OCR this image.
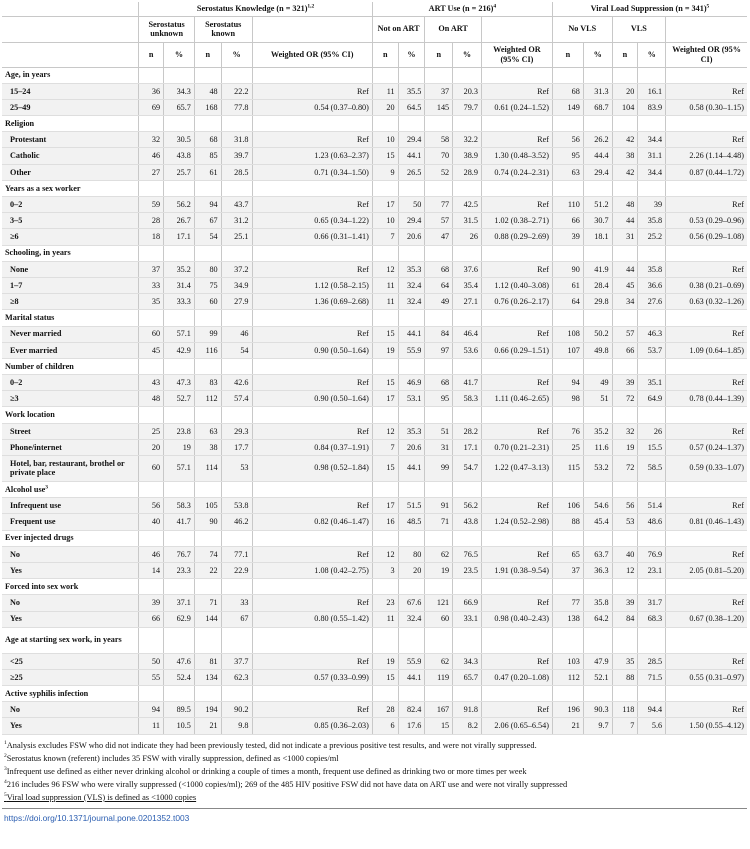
	Serostatus Knowledge (n = 321)$^{1,2}$					ART Use (n = 216)$^4$					Viral Load Suppression (n = 341)$^5$
	Serostatus unknown		Serostatus known			Not on ART		On ART			No VLS		VLS		
	n	%	n	%	Weighted OR (95% CI)	n	%	n	%	Weighted OR (95% CI)	n	%	n	%	Weighted OR (95% CI)
Age, in years															
15–24	36	34.3	48	22.2	Ref	11	35.5	37	20.3	Ref	68	31.3	20	16.1	Ref
25–49	69	65.7	168	77.8	0.54 (0.37–0.80)	20	64.5	145	79.7	0.61 (0.24–1.52)	149	68.7	104	83.9	0.58 (0.30–1.15)
Religion															
Protestant	32	30.5	68	31.8	Ref	10	29.4	58	32.2	Ref	56	26.2	42	34.4	Ref
Catholic	46	43.8	85	39.7	1.23 (0.63–2.37)	15	44.1	70	38.9	1.30 (0.48–3.52)	95	44.4	38	31.1	2.26 (1.14–4.48)
Other	27	25.7	61	28.5	0.71 (0.34–1.50)	9	26.5	52	28.9	0.74 (0.24–2.31)	63	29.4	42	34.4	0.87 (0.44–1.72)
Years as a sex worker															
0–2	59	56.2	94	43.7	Ref	17	50	77	42.5	Ref	110	51.2	48	39	Ref
3–5	28	26.7	67	31.2	0.65 (0.34–1.22)	10	29.4	57	31.5	1.02 (0.38–2.71)	66	30.7	44	35.8	0.53 (0.29–0.96)
≥6	18	17.1	54	25.1	0.66 (0.31–1.41)	7	20.6	47	26	0.88 (0.29–2.69)	39	18.1	31	25.2	0.56 (0.29–1.08)
Schooling, in years															
None	37	35.2	80	37.2	Ref	12	35.3	68	37.6	Ref	90	41.9	44	35.8	Ref
1–7	33	31.4	75	34.9	1.12 (0.58–2.15)	11	32.4	64	35.4	1.12 (0.40–3.08)	61	28.4	45	36.6	0.38 (0.21–0.69)
≥8	35	33.3	60	27.9	1.36 (0.69–2.68)	11	32.4	49	27.1	0.76 (0.26–2.17)	64	29.8	34	27.6	0.63 (0.32–1.26)
Marital status															
Never married	60	57.1	99	46	Ref	15	44.1	84	46.4	Ref	108	50.2	57	46.3	Ref
Ever married	45	42.9	116	54	0.90 (0.50–1.64)	19	55.9	97	53.6	0.66 (0.29–1.51)	107	49.8	66	53.7	1.09 (0.64–1.85)
Number of children															
0–2	43	47.3	83	42.6	Ref	15	46.9	68	41.7	Ref	94	49	39	35.1	Ref
≥3	48	52.7	112	57.4	0.90 (0.50–1.64)	17	53.1	95	58.3	1.11 (0.46–2.65)	98	51	72	64.9	0.78 (0.44–1.39)
Work location															
Street	25	23.8	63	29.3	Ref	12	35.3	51	28.2	Ref	76	35.2	32	26	Ref
Phone/internet	20	19	38	17.7	0.84 (0.37–1.91)	7	20.6	31	17.1	0.70 (0.21–2.31)	25	11.6	19	15.5	0.57 (0.24–1.37)
Hotel, bar, restaurant, brothel or private place	60	57.1	114	53	0.98 (0.52–1.84)	15	44.1	99	54.7	1.22 (0.47–3.13)	115	53.2	72	58.5	0.59 (0.33–1.07)
Alcohol use$^3$															
Infrequent use	56	58.3	105	53.8	Ref	17	51.5	91	56.2	Ref	106	54.6	56	51.4	Ref
Frequent use	40	41.7	90	46.2	0.82 (0.46–1.47)	16	48.5	71	43.8	1.24 (0.52–2.98)	88	45.4	53	48.6	0.81 (0.46–1.43)
Ever injected drugs															
No	46	76.7	74	77.1	Ref	12	80	62	76.5	Ref	65	63.7	40	76.9	Ref
Yes	14	23.3	22	22.9	1.08 (0.42–2.75)	3	20	19	23.5	1.91 (0.38–9.54)	37	36.3	12	23.1	2.05 (0.81–5.20)
Forced into sex work															
No	39	37.1	71	33	Ref	23	67.6	121	66.9	Ref	77	35.8	39	31.7	Ref
Yes	66	62.9	144	67	0.80 (0.55–1.42)	11	32.4	60	33.1	0.98 (0.40–2.43)	138	64.2	84	68.3	0.67 (0.38–1.20)
Age at starting sex work, in years															
<25	50	47.6	81	37.7	Ref	19	55.9	62	34.3	Ref	103	47.9	35	28.5	Ref
≥25	55	52.4	134	62.3	0.57 (0.33–0.99)	15	44.1	119	65.7	0.47 (0.20–1.08)	112	52.1	88	71.5	0.55 (0.31–0.97)
Active syphilis infection															
No	94	89.5	194	90.2	Ref	28	82.4	167	91.8	Ref	196	90.3	118	94.4	Ref
Yes	11	10.5	21	9.8	0.85 (0.36–2.03)	6	17.6	15	8.2	2.06 (0.65–6.54)	21	9.7	7	5.6	1.50 (0.55–4.12)
$^1$Analysis excludes FSW who did not indicate they had been previously tested, did not indicate a previous positive test results, and were not virally suppressed.
$^2$Serostatus known (referent) includes 35 FSW with virally suppression, defined as <1000 copies/ml
$^3$Infrequent use defined as either never drinking alcohol or drinking a couple of times a month, frequent use defined as drinking two or more times per week
$^4$216 includes 96 FSW who were virally suppressed (<1000 copies/ml); 269 of the 485 HIV positive FSW did not have data on ART use and were not virally suppressed
$^5$Viral load suppression (VLS) is defined as <1000 copies
https://doi.org/10.1371/journal.pone.0201352.t003
